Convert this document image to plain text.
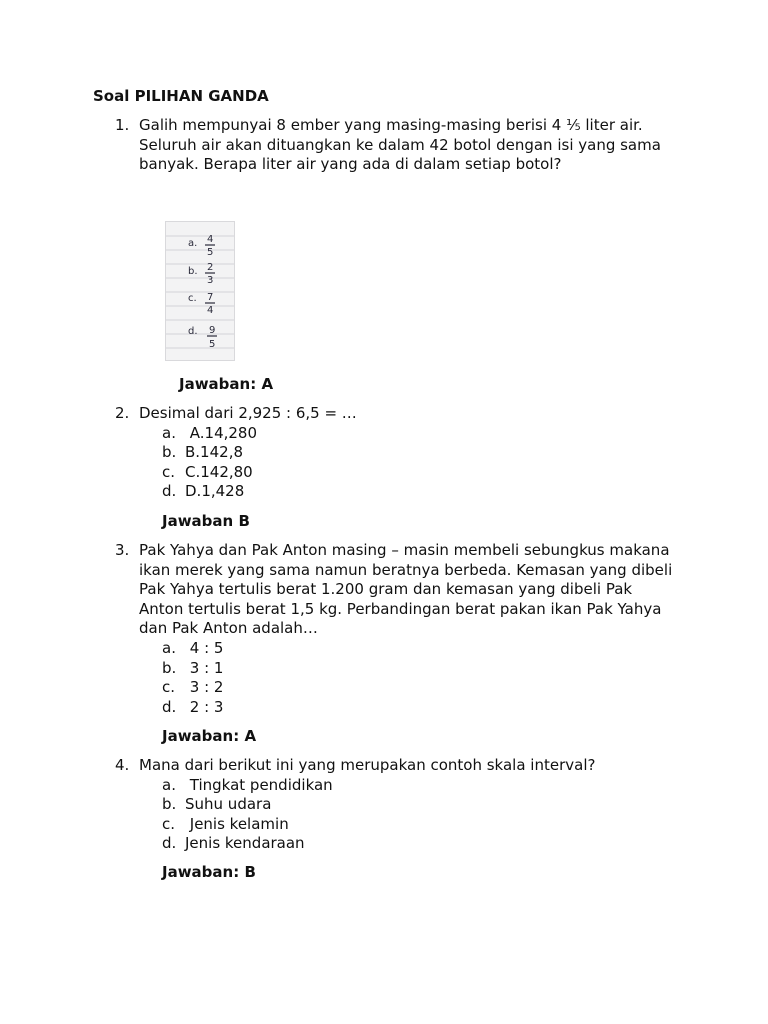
Soal PILIHAN GANDA
1. Galih mempunyai 8 ember yang masing-masing berisi 4 ⅕ liter air. Seluruh air akan dituangkan ke dalam 42 botol dengan isi yang sama banyak. Berapa liter air yang ada di dalam setiap botol?
a. 4
5
b. 2
3
c. 7
4
d. 9
5
Jawaban: A
2. Desimal dari 2,925 : 6,5 = …
a. A.14,280
b. B.142,8
c. C.142,80
d. D.1,428
Jawaban B
3. Pak Yahya dan Pak Anton masing – masin membeli sebungkus makana ikan merek yang sama namun beratnya berbeda. Kemasan yang dibeli Pak Yahya tertulis berat 1.200 gram dan kemasan yang dibeli Pak Anton tertulis berat 1,5 kg. Perbandingan berat pakan ikan Pak Yahya dan Pak Anton adalah…
a. 4 : 5
b. 3 : 1
c. 3 : 2
d. 2 : 3
Jawaban: A
4. Mana dari berikut ini yang merupakan contoh skala interval?
a. Tingkat pendidikan
b. Suhu udara
c. Jenis kelamin
d. Jenis kendaraan
Jawaban: B
